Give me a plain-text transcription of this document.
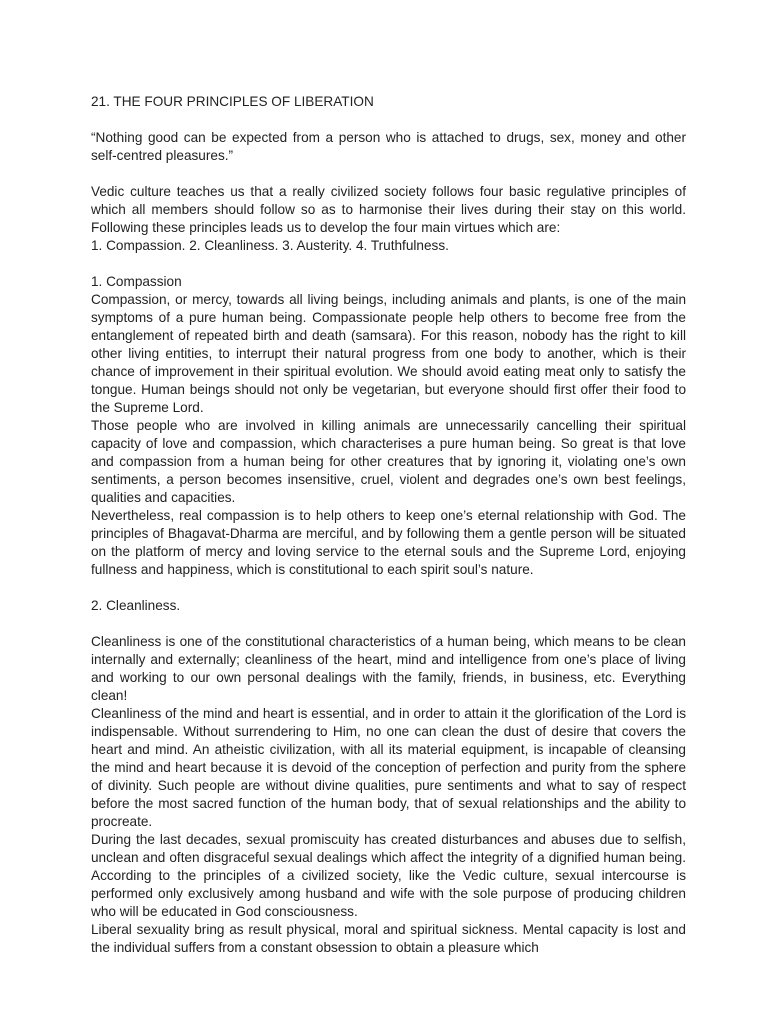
21. THE FOUR PRINCIPLES OF LIBERATION

“Nothing good can be expected from a person who is attached to drugs, sex, money and other self-centred pleasures.”

Vedic culture teaches us that a really civilized society follows four basic regulative principles of which all members should follow so as to harmonise their lives during their stay on this world. Following these principles leads us to develop the four main virtues which are:

1. Compassion. 2. Cleanliness. 3. Austerity. 4. Truthfulness.

1. Compassion

Compassion, or mercy, towards all living beings, including animals and plants, is one of the main symptoms of a pure human being. Compassionate people help others to become free from the entanglement of repeated birth and death (samsara). For this reason, nobody has the right to kill other living entities, to interrupt their natural progress from one body to another, which is their chance of improvement in their spiritual evolution. We should avoid eating meat only to satisfy the tongue. Human beings should not only be vegetarian, but everyone should first offer their food to the Supreme Lord.

Those people who are involved in killing animals are unnecessarily cancelling their spiritual capacity of love and compassion, which characterises a pure human being. So great is that love and compassion from a human being for other creatures that by ignoring it, violating one’s own sentiments, a person becomes insensitive, cruel, violent and degrades one’s own best feelings, qualities and capacities.

Nevertheless, real compassion is to help others to keep one’s eternal relationship with God. The principles of Bhagavat-Dharma are merciful, and by following them a gentle person will be situated on the platform of mercy and loving service to the eternal souls and the Supreme Lord, enjoying fullness and happiness, which is constitutional to each spirit soul’s nature.

2. Cleanliness.

Cleanliness is one of the constitutional characteristics of a human being, which means to be clean internally and externally; cleanliness of the heart, mind and intelligence from one’s place of living and working to our own personal dealings with the family, friends, in business, etc. Everything clean!

Cleanliness of the mind and heart is essential, and in order to attain it the glorification of the Lord is indispensable. Without surrendering to Him, no one can clean the dust of desire that covers the heart and mind. An atheistic civilization, with all its material equipment, is incapable of cleansing the mind and heart because it is devoid of the conception of perfection and purity from the sphere of divinity. Such people are without divine qualities, pure sentiments and what to say of respect before the most sacred function of the human body, that of sexual relationships and the ability to procreate.

During the last decades, sexual promiscuity has created disturbances and abuses due to selfish, unclean and often disgraceful sexual dealings which affect the integrity of a dignified human being. According to the principles of a civilized society, like the Vedic culture, sexual intercourse is performed only exclusively among husband and wife with the sole purpose of producing children who will be educated in God consciousness.

Liberal sexuality bring as result physical, moral and spiritual sickness. Mental capacity is lost and the individual suffers from a constant obsession to obtain a pleasure which
